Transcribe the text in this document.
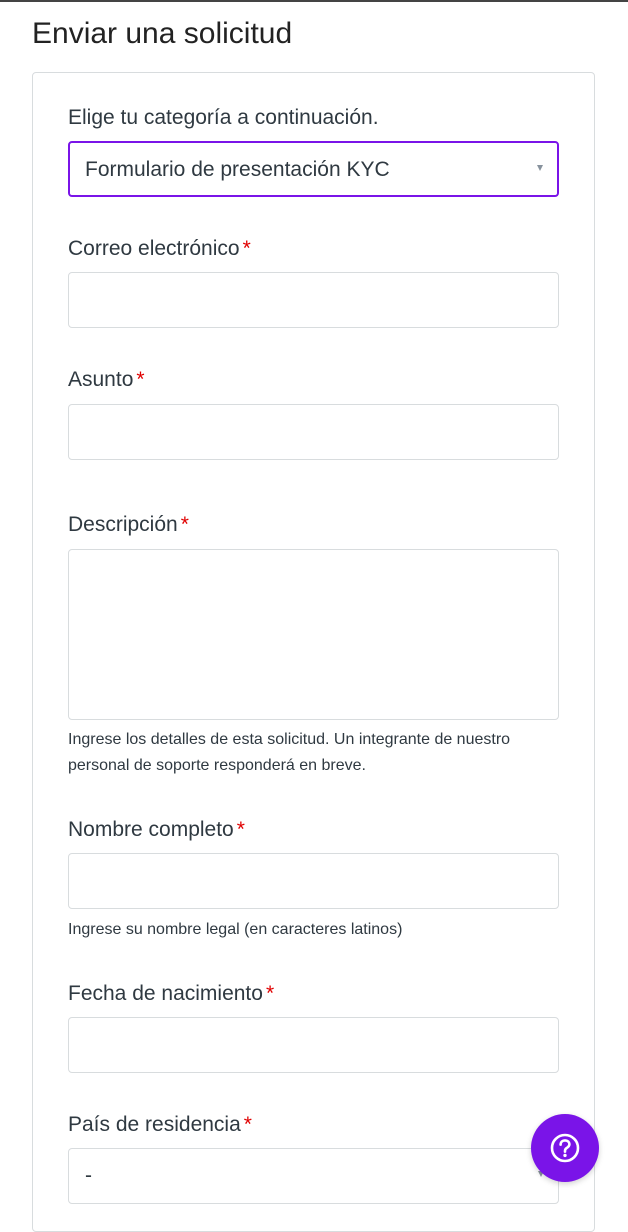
Enviar una solicitud
Elige tu categoría a continuación.
Formulario de presentación KYC
Correo electrónico *
Asunto *
Descripción *
Ingrese los detalles de esta solicitud. Un integrante de nuestro personal de soporte responderá en breve.
Nombre completo *
Ingrese su nombre legal (en caracteres latinos)
Fecha de nacimiento *
País de residencia *
-
